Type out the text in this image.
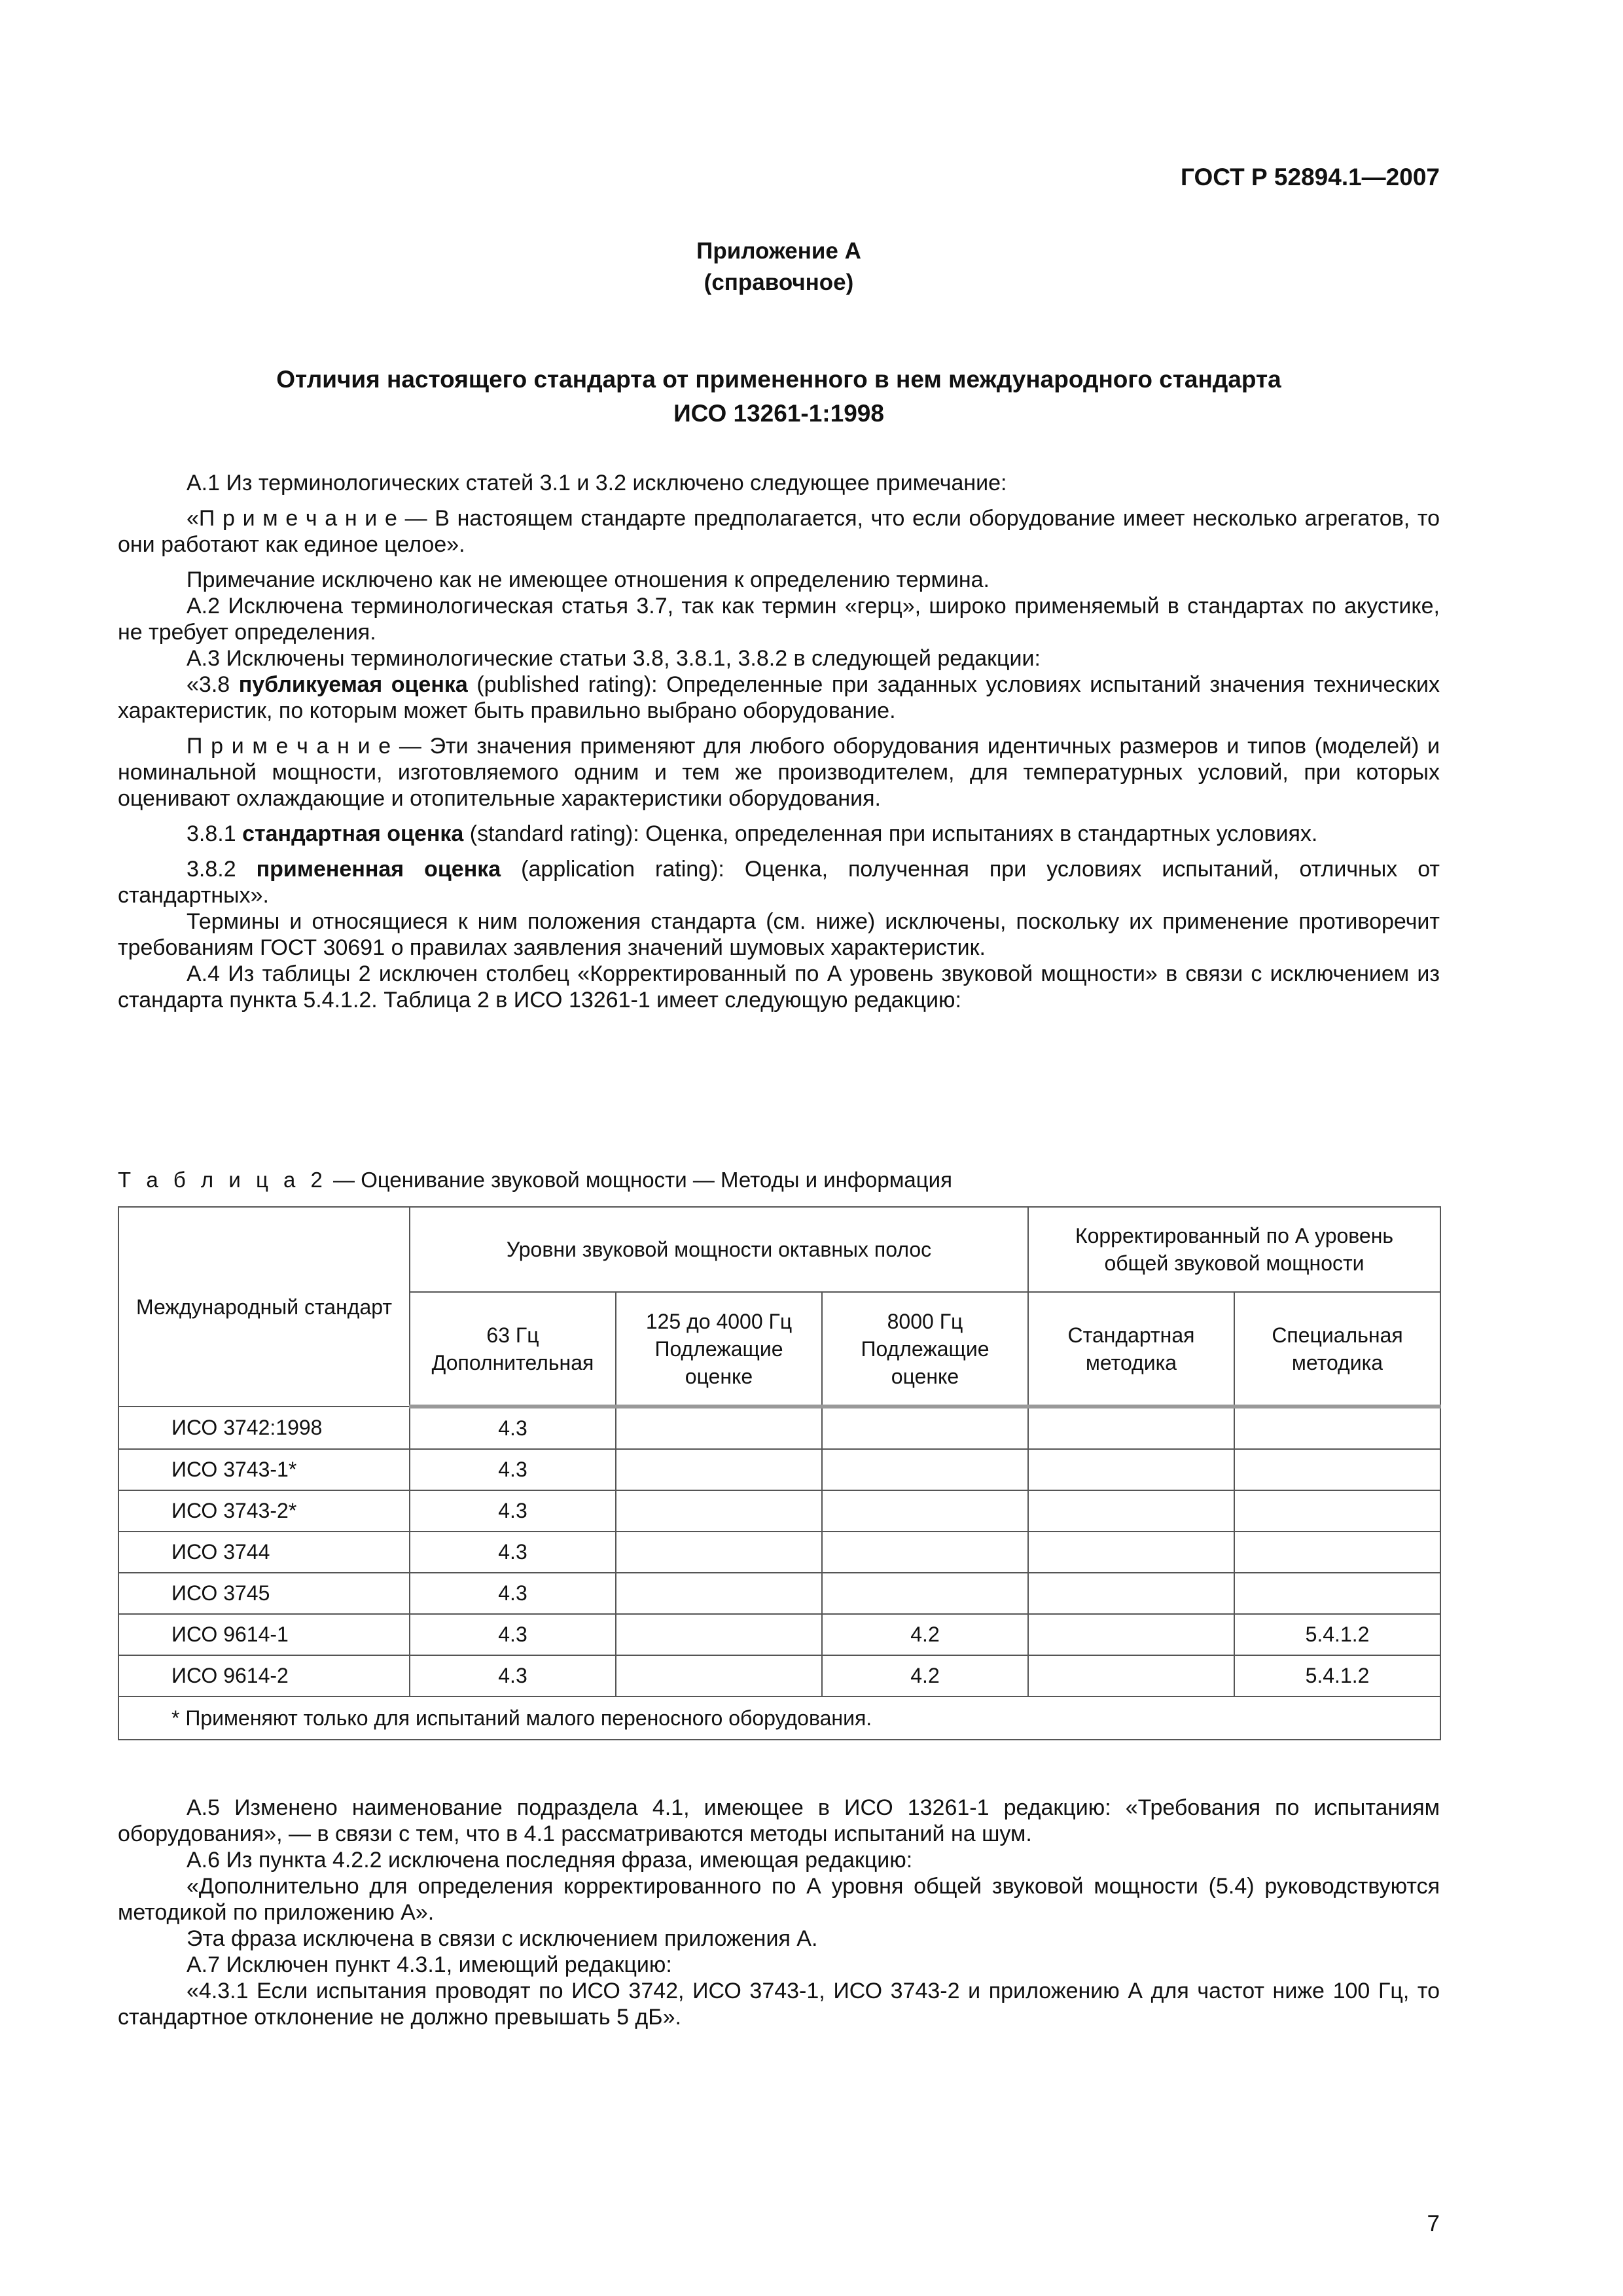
ГОСТ Р 52894.1—2007
Приложение А
(справочное)
Отличия настоящего стандарта от примененного в нем международного стандарта
ИСО 13261-1:1998

А.1 Из терминологических статей 3.1 и 3.2 исключено следующее примечание:

«П р и м е ч а н и е — В настоящем стандарте предполагается, что если оборудование имеет несколько агрегатов, то они работают как единое целое».

Примечание исключено как не имеющее отношения к определению термина.

А.2 Исключена терминологическая статья 3.7, так как термин «герц», широко применяемый в стандартах по акустике, не требует определения.

А.3 Исключены терминологические статьи 3.8, 3.8.1, 3.8.2 в следующей редакции:

«3.8 публикуемая оценка (published rating): Определенные при заданных условиях испытаний значения технических характеристик, по которым может быть правильно выбрано оборудование.

П р и м е ч а н и е — Эти значения применяют для любого оборудования идентичных размеров и типов (моделей) и номинальной мощности, изготовляемого одним и тем же производителем, для температурных условий, при которых оценивают охлаждающие и отопительные характеристики оборудования.

3.8.1 стандартная оценка (standard rating): Оценка, определенная при испытаниях в стандартных условиях.

3.8.2 примененная оценка (application rating): Оценка, полученная при условиях испытаний, отличных от стандартных».

Термины и относящиеся к ним положения стандарта (см. ниже) исключены, поскольку их применение противоречит требованиям ГОСТ 30691 о правилах заявления значений шумовых характеристик.

А.4 Из таблицы 2 исключен столбец «Корректированный по А уровень звуковой мощности» в связи с исключением из стандарта пункта 5.4.1.2. Таблица 2 в ИСО 13261-1 имеет следующую редакцию:

Т а б л и ц а 2 — Оценивание звуковой мощности — Методы и информация
Международный стандарт	Уровни звуковой мощности октавных полос			Корректированный по А уровень общей звуковой мощности	
	63 Гц Дополнительная	125 до 4000 Гц Подлежащие оценке	8000 Гц Подлежащие оценке	Стандартная методика	Специальная методика
ИСО 3742:1998	4.3				
ИСО 3743-1*	4.3				
ИСО 3743-2*	4.3				
ИСО 3744	4.3				
ИСО 3745	4.3				
ИСО 9614-1	4.3		4.2		5.4.1.2
ИСО 9614-2	4.3		4.2		5.4.1.2
* Применяют только для испытаний малого переносного оборудования.					

А.5 Изменено наименование подраздела 4.1, имеющее в ИСО 13261-1 редакцию: «Требования по испытаниям оборудования», — в связи с тем, что в 4.1 рассматриваются методы испытаний на шум.

А.6 Из пункта 4.2.2 исключена последняя фраза, имеющая редакцию:

«Дополнительно для определения корректированного по А уровня общей звуковой мощности (5.4) руководствуются методикой по приложению А».

Эта фраза исключена в связи с исключением приложения А.

А.7 Исключен пункт 4.3.1, имеющий редакцию:

«4.3.1 Если испытания проводят по ИСО 3742, ИСО 3743-1, ИСО 3743-2 и приложению А для частот ниже 100 Гц, то стандартное отклонение не должно превышать 5 дБ».

7
